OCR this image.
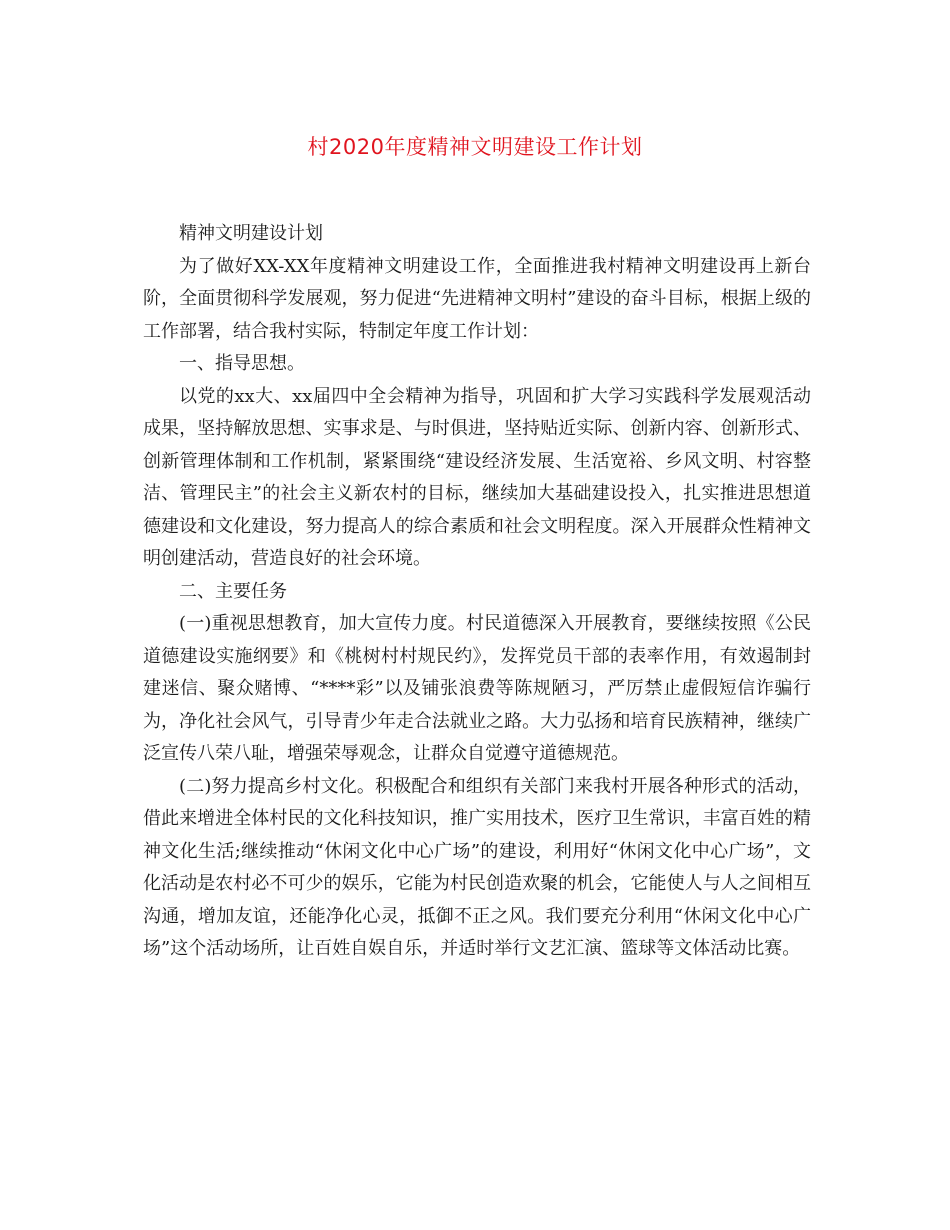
村2020年度精神文明建设工作计划

精神文明建设计划

为了做好XX-XX年度精神文明建设工作，全面推进我村精神文明建设再上新台阶，全面贯彻科学发展观，努力促进“先进精神文明村”建设的奋斗目标，根据上级的工作部署，结合我村实际，特制定年度工作计划：

一、指导思想。

以党的xx大、xx届四中全会精神为指导，巩固和扩大学习实践科学发展观活动成果，坚持解放思想、实事求是、与时俱进，坚持贴近实际、创新内容、创新形式、创新管理体制和工作机制，紧紧围绕“建设经济发展、生活宽裕、乡风文明、村容整洁、管理民主”的社会主义新农村的目标，继续加大基础建设投入，扎实推进思想道德建设和文化建设，努力提高人的综合素质和社会文明程度。深入开展群众性精神文明创建活动，营造良好的社会环境。

二、主要任务

(一)重视思想教育，加大宣传力度。村民道德深入开展教育，要继续按照《公民道德建设实施纲要》和《桃树村村规民约》，发挥党员干部的表率作用，有效遏制封建迷信、聚众赌博、“****彩”以及铺张浪费等陈规陋习，严厉禁止虚假短信诈骗行为，净化社会风气，引导青少年走合法就业之路。大力弘扬和培育民族精神，继续广泛宣传八荣八耻，增强荣辱观念，让群众自觉遵守道德规范。

(二)努力提高乡村文化。积极配合和组织有关部门来我村开展各种形式的活动，借此来增进全体村民的文化科技知识，推广实用技术，医疗卫生常识，丰富百姓的精神文化生活;继续推动“休闲文化中心广场”的建设，利用好“休闲文化中心广场”，文化活动是农村必不可少的娱乐，它能为村民创造欢聚的机会，它能使人与人之间相互沟通，增加友谊，还能净化心灵，抵御不正之风。我们要充分利用“休闲文化中心广场”这个活动场所，让百姓自娱自乐，并适时举行文艺汇演、篮球等文体活动比赛。
